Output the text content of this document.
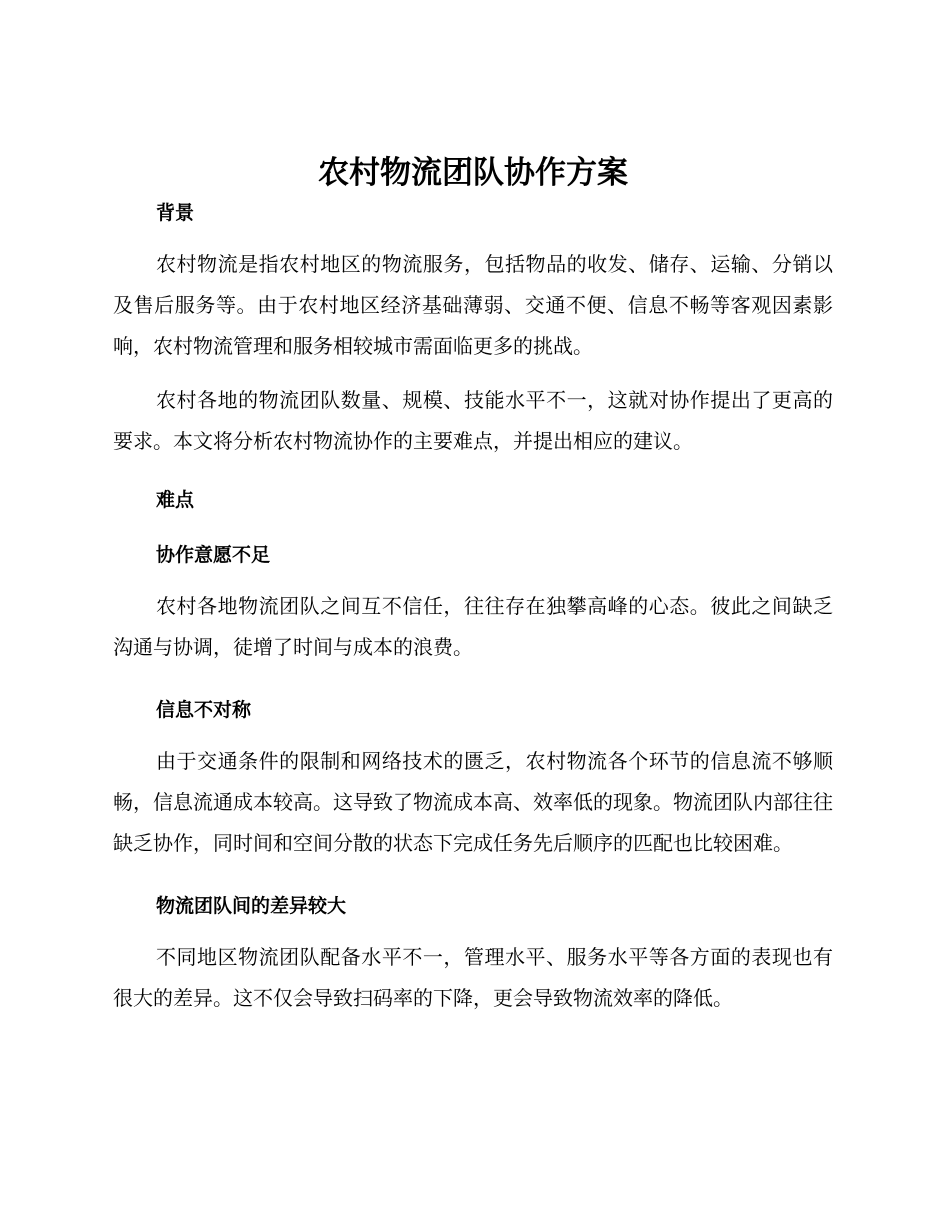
农村物流团队协作方案
背景

农村物流是指农村地区的物流服务，包括物品的收发、储存、运输、分销以及售后服务等。由于农村地区经济基础薄弱、交通不便、信息不畅等客观因素影响，农村物流管理和服务相较城市需面临更多的挑战。

农村各地的物流团队数量、规模、技能水平不一，这就对协作提出了更高的要求。本文将分析农村物流协作的主要难点，并提出相应的建议。

难点
协作意愿不足

农村各地物流团队之间互不信任，往往存在独攀高峰的心态。彼此之间缺乏沟通与协调，徒增了时间与成本的浪费。

信息不对称

由于交通条件的限制和网络技术的匮乏，农村物流各个环节的信息流不够顺畅，信息流通成本较高。这导致了物流成本高、效率低的现象。物流团队内部往往缺乏协作，同时间和空间分散的状态下完成任务先后顺序的匹配也比较困难。

物流团队间的差异较大

不同地区物流团队配备水平不一，管理水平、服务水平等各方面的表现也有很大的差异。这不仅会导致扫码率的下降，更会导致物流效率的降低。
